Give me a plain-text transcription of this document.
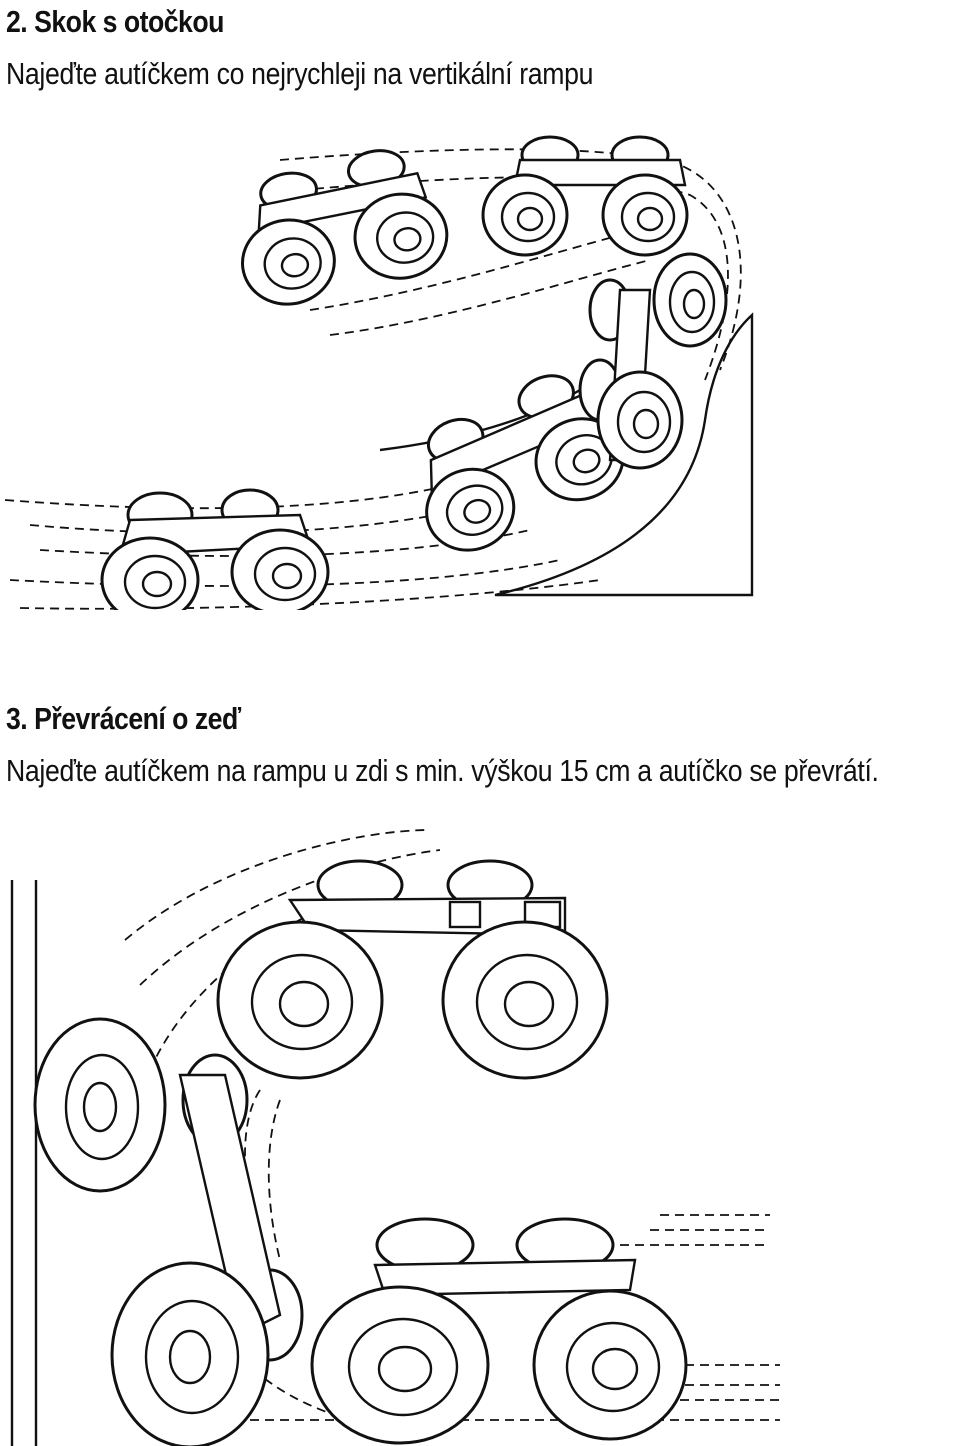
2. Skok s otočkou

Najeďte autíčkem co nejrychleji na vertikální rampu

3. Převrácení o zeď

Najeďte autíčkem na rampu u zdi s min. výškou 15 cm a autíčko se převrátí.
